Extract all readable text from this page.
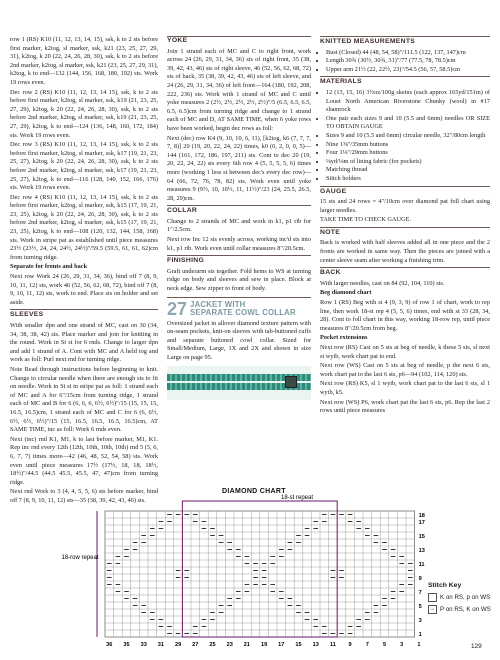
row 1 (RS) K10 (11, 12, 13, 14, 15), ssk, k to 2 sts before first marker, k2tog, sl marker, ssk, k21 (23, 25, 27, 29, 31), k2tog, k 20 (22, 24, 26, 28, 30), ssk, k to 2 sts before 2nd marker, k2tog, sl marker, ssk, k21 (23, 25, 27, 29, 31), k2tog, k to end—132 (144, 156, 168, 180, 192) sts. Work 19 rows even.

Dec row 2 (RS) K10 (11, 12, 13, 14 15), ssk, k to 2 sts before first marker, k2tog, sl marker, ssk, k19 (21, 23, 25, 27, 29), k2tog, k 20 (22, 24, 26, 28, 30), ssk, k to 2 sts before 2nd marker, k2tog, sl marker, ssk, k19 (21, 23, 25, 27, 29), k2tog, k to end—124 (136, 148, 160, 172, 184) sts. Work 19 rows even.

Dec row 3 (RS) K10 (11, 12, 13, 14 15), ssk, k to 2 sts before first marker, k2tog, sl marker, ssk, k17 (19, 21, 23, 25, 27), k2tog, k 20 (22, 24, 26, 28, 30), ssk, k to 2 sts before 2nd marker, k2tog, sl marker, ssk, k17 (19, 21, 23, 25, 27), k2tog, k to end—116 (128, 140, 152, 166, 176) sts. Work 19 rows even.

Dec row 4 (RS) K10 (11, 12, 13, 14 15), ssk, k to 2 sts before first marker, k2tog, sl marker, ssk, k15 (17, 19, 21, 23, 25), k2tog, k 20 (22, 24, 26, 28, 30), ssk, k to 2 sts before 2nd marker, k2tog, sl marker, ssk, k15 (17, 19, 21, 23, 25), k2tog, k to end—108 (120, 132, 144, 158, 168) sts. Work in stripe pat as established until piece measures 23½ (23½, 24, 24, 24½, 24½)"/59.5 (59.5, 61, 61, 62)cm from turning ridge.

Separate for fronts and back

Next row Work 24 (26, 29, 31, 34, 36), bind off 7 (8, 9, 10, 11, 12) sts, work 46 (52, 56, 62, 68, 72), bind off 7 (8, 9, 10, 11, 12) sts, work to end. Place sts on holder and set aside.

SLEEVES

With smaller dpn and one strand of MC, cast on 30 (34, 34, 38, 38, 42) sts. Place marker and join for knitting in the round. Work in St st for 6 rnds. Change to larger dpn and add 1 strand of A. Cont with MC and A held tog and work as foll: Purl next rnd for turning ridge.

Note Read through instructions before beginning to knit. Change to circular needle when there are enough sts to fit on needle. Work in St st in stripe pat as foll: 1 strand each of MC and A for 6"/15cm from turning ridge, 1 strand each of MC and B for 6 (6, 6, 6, 6½, 6½)"/15 (15, 15, 15, 16.5, 16.5)cm, 1 strand each of MC and C for 6 (6, 6½, 6½, 6½, 6½)"/15 (15, 16.5, 16.5, 16.5, 16.5)cm, AT SAME TIME, inc as foll: Work 6 rnds even.

Next (inc) rnd K1, M1, k to last before marker, M1, K1. Rep inc rnd every 12th (12th, 10th, 10th, 10th) rnd 5 (5, 6, 6, 7, 7) times more—42 (46, 48, 52, 54, 58) sts. Work even until piece measures 17½ (17½, 18, 18, 18½, 18½)"/44.5 (44.5 45.5, 45.5, 47, 47)cm from turning ridge.

Next rnd Work to 3 (4, 4, 5, 5, 6) sts before marker, bind off 7 (8, 9, 10, 11, 12) sts—35 (38, 39, 42, 43, 46) sts.

YOKE

Join 1 strand each of MC and C to right front, work across 24 (26, 29, 31, 34, 36) sts of right front, 35 (38, 39, 42, 43, 46) sts of right sleeve, 46 (52, 56, 62, 68, 72) sts of back, 35 (38, 39, 42, 43, 46) sts of left sleeve, and 24 (26, 29, 31, 34, 36) of left front—164 (180, 192, 208, 222, 236) sts. Work with 1 strand of MC and C until yoke measures 2 (2½, 2½, 2½, 2½, 2½)"/5 (6.5, 6.5, 6.5, 6.5, 6.5)cm from turning ridge and change to 1 strand each of MC and D, AT SAME TIME, when 6 yoke rows have been worked, begin dec rows as foll:

Next (dec) row K4 (9, 10, 10, 6, 11), [k2tog, k6 (7, 7, 7, 7, 8)] 20 (19, 20, 22, 24, 22) times, k0 (0, 2, 0, 0, 5)—144 (161, 172, 186, 197, 211) sts. Cont to dec 20 (19, 20, 22, 24, 22) sts every 6th row 4 (5, 5, 5, 5, 6) times more (working 1 less st between dec's every dec row)—64 (66, 72, 76, 78, 82) sts. Work even until yoke measures 9 (9½, 10, 10½, 11, 11½)"/23 (24, 25.5, 26.5, 28, 29)cm.

COLLAR

Change to 2 strands of MC and work in k1, p1 rib for 1"/2.5cm.

Next row Inc 12 sts evenly across, working inc'd sts into k1, p1 rib. Work even until collar measures 8"/20.5cm.

FINISHING

Graft underarm sts together. Fold hems to WS at turning ridge on body and sleeves and sew in place. Block at neck edge. Sew zipper to front of body.

27 JACKET WITH
SEPARATE COWL COLLAR

Oversized jacket in allover diamond texture pattern with on-seam pockets, knit-on sleeves with tab-buttoned cuffs and separate buttoned cowl collar. Sized for Small/Medium, Large, 1X and 2X and shown in size Large on page 95.

KNITTED MEASUREMENTS
• Bust (Closed) 44 (48, 54, 58)"/111.5 (122, 137, 147)cm
• Length 30¾ (30½, 30¾, 31)"/77 (77.5, 78, 78.5)cm
• Upper arm 21½ (22, 22½, 23)"/54.5 (56, 57, 58.5)cm
MATERIALS
• 12 (13, 15, 16) 3½oz/100g skeins (each approx 165yd/151m) of Louet North American Riverstone Chunky (wool) in #17 shamrock
• One pair each sizes 9 and 10 (5.5 and 6mm) needles OR SIZE TO OBTAIN GAUGE
• Sizes 9 and 10 (5.5 and 6mm) circular needle, 32"/80cm length
• Nine 1⅜"/35mm buttons
• Four 1⅛"/29mm buttons
• ⅛yd/⅛m of lining fabric (for pockets)
• Matching thread
• Stitch holders
GAUGE

15 sts and 24 rows = 4"/10cm over diamond pat foll chart using larger needles.

TAKE TIME TO CHECK GAUGE.

NOTE

Back is worked with half sleeves added all in one piece and the 2 fronts are worked in same way. Then the pieces are joined with a center sleeve seam after working a finishing trim.

BACK

With larger needles, cast on 84 (92, 104, 110) sts.

Beg diamond chart

Row 1 (RS) Beg with st 4 (9, 3, 9) of row 1 of chart, work to rep line, then work 18-st rep 4 (5, 5, 6) times, end with st 33 (28, 34, 28). Cont to foll chart in this way, working 18-row rep, until piece measures 8"/20.5cm from beg.

Pocket extensions

Next row (RS) Cast on 5 sts at beg of needle, k these 5 sts, sl next st wyib, work chart pat to end.

Next row (WS) Cast on 5 sts at beg of needle, p the next 6 sts, work chart pat to the last 6 sts, p6—94 (102, 114, 120) sts.

Next row (RS) K5, sl 1 wyib, work chart pat to the last 6 sts, sl 1 wyib, k5.

Next row (WS) P6, work chart pat the last 6 sts, p6. Rep the last 2 rows until piece measures

DIAMOND CHART
18-st repeat
18-row repeat
36 35 33 31 29 27 25 23 21 19 17 15 13 11 9	7	5	3	1
18
17
15
13
11
9
7
5
3
1
Stitch Key
K on RS, p on WS
− P on RS, K on WS
129
